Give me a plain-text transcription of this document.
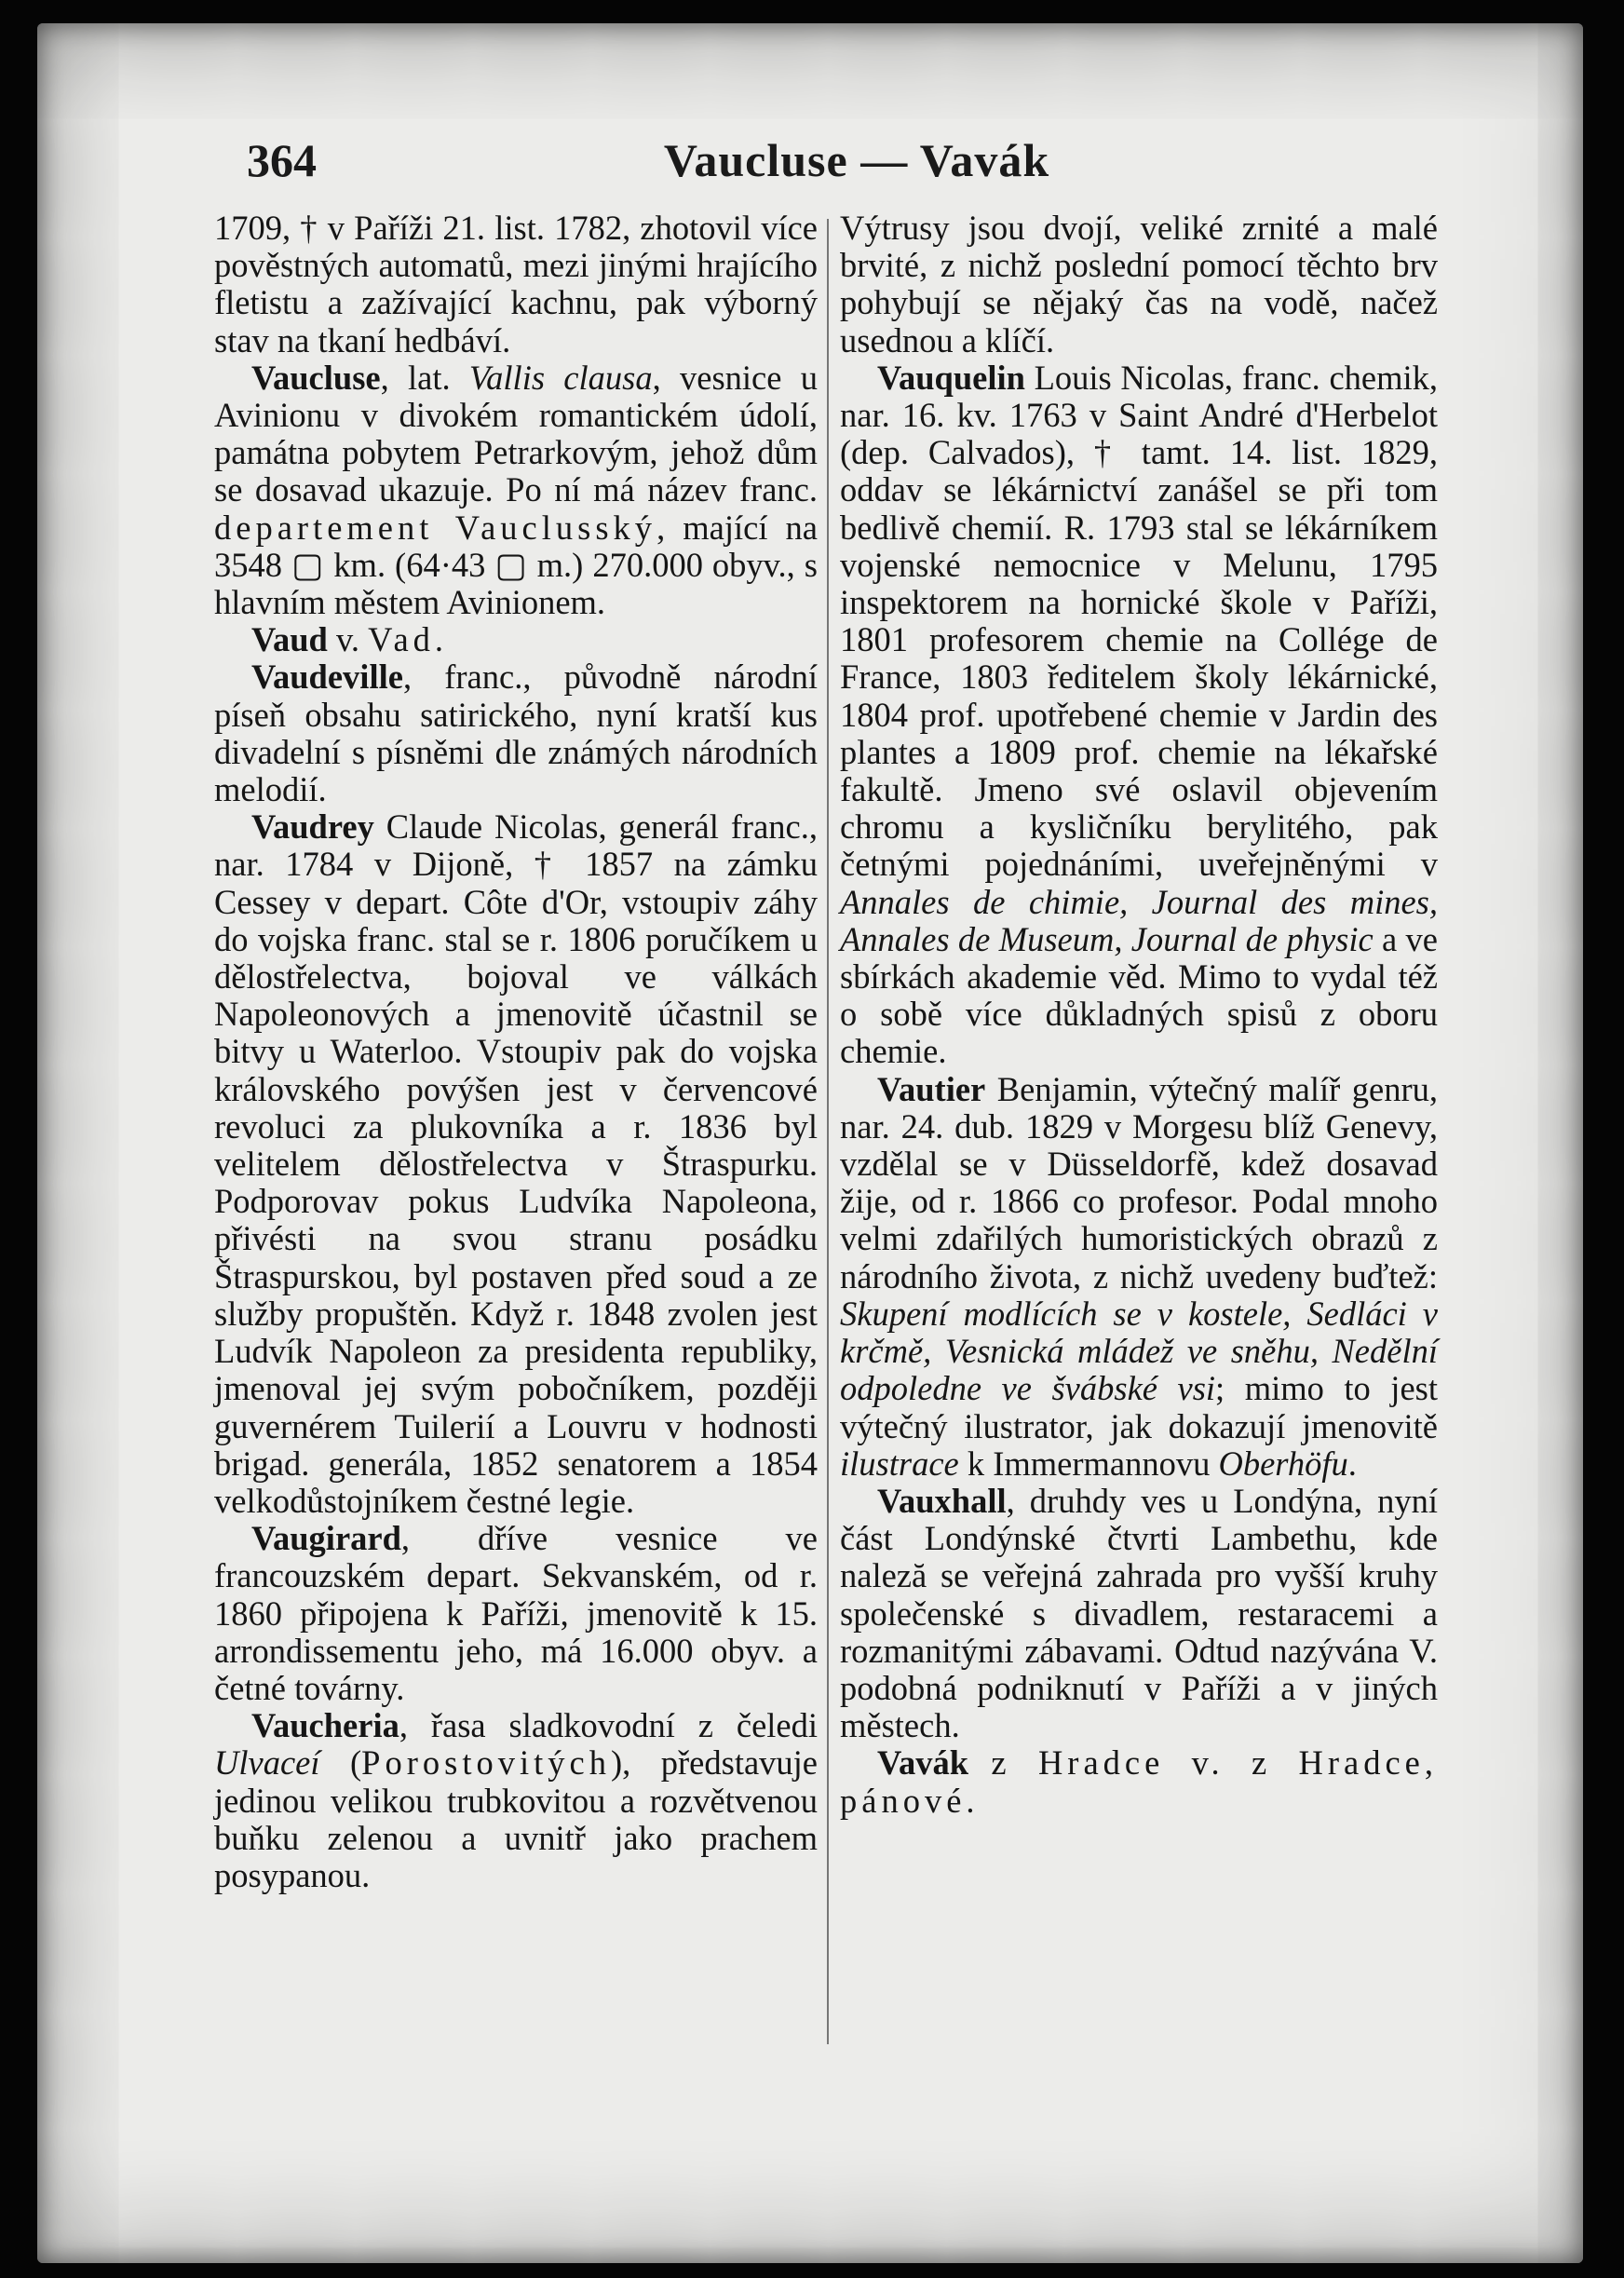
364	Vaucluse — Vavák

1709, † v Paříži 21. list. 1782, zhotovil více pověstných automatů, mezi jinými hrajícího fletistu a zažívající kachnu, pak výborný stav na tkaní hedbáví.

Vaucluse, lat. Vallis clausa, vesnice u Avinionu v divokém romantickém údolí, památna pobytem Petrarkovým, jehož dům se dosavad ukazuje. Po ní má název franc. departement Vauclusský, mající na 3548 ▢ km. (64·43 ▢ m.) 270.000 obyv., s hlavním městem Avinionem.

Vaud v. Vad.

Vaudeville, franc., původně národní píseň obsahu satirického, nyní kratší kus divadelní s písněmi dle známých národních melodií.

Vaudrey Claude Nicolas, generál franc., nar. 1784 v Dijoně, † 1857 na zámku Cessey v depart. Côte d'Or, vstoupiv záhy do vojska franc. stal se r. 1806 poručíkem u dělostřelectva, bojoval ve válkách Napoleonových a jmenovitě účastnil se bitvy u Waterloo. Vstoupiv pak do vojska královského povýšen jest v červencové revoluci za plukovníka a r. 1836 byl velitelem dělostřelectva v Štraspurku. Podporovav pokus Ludvíka Napoleona, přivésti na svou stranu posádku Štraspurskou, byl postaven před soud a ze služby propuštěn. Když r. 1848 zvolen jest Ludvík Napoleon za presidenta republiky, jmenoval jej svým pobočníkem, později guvernérem Tuilerií a Louvru v hodnosti brigad. generála, 1852 senatorem a 1854 velkodůstojníkem čestné legie.

Vaugirard, dříve vesnice ve francouzském depart. Sekvanském, od r. 1860 připojena k Paříži, jmenovitě k 15. arrondissementu jeho, má 16.000 obyv. a četné továrny.

Vaucheria, řasa sladkovodní z čeledi Ulvaceí (Porostovitých), představuje jedinou velikou trubkovitou a rozvětvenou buňku zelenou a uvnitř jako prachem posypanou.

Výtrusy jsou dvojí, veliké zrnité a malé brvité, z nichž poslední pomocí těchto brv pohybují se nějaký čas na vodě, načež usednou a klíčí.

Vauquelin Louis Nicolas, franc. chemik, nar. 16. kv. 1763 v Saint André d'Herbelot (dep. Calvados), † tamt. 14. list. 1829, oddav se lékárnictví zanášel se při tom bedlivě chemií. R. 1793 stal se lékárníkem vojenské nemocnice v Melunu, 1795 inspektorem na hornické škole v Paříži, 1801 profesorem chemie na Collége de France, 1803 ředitelem školy lékárnické, 1804 prof. upotřebené chemie v Jardin des plantes a 1809 prof. chemie na lékařské fakultě. Jmeno své oslavil objevením chromu a kysličníku berylitého, pak četnými pojednáními, uveřejněnými v Annales de chimie, Journal des mines, Annales de Museum, Journal de physic a ve sbírkách akademie věd. Mimo to vydal též o sobě více důkladných spisů z oboru chemie.

Vautier Benjamin, výtečný malíř genru, nar. 24. dub. 1829 v Morgesu blíž Genevy, vzdělal se v Düsseldorfě, kdež dosavad žije, od r. 1866 co profesor. Podal mnoho velmi zdařilých humoristických obrazů z národního života, z nichž uvedeny buďtež: Skupení modlících se v kostele, Sedláci v krčmě, Vesnická mládež ve sněhu, Nedělní odpoledne ve švábské vsi; mimo to jest výtečný ilustrator, jak dokazují jmenovitě ilustrace k Immermannovu Oberhöfu.

Vauxhall, druhdy ves u Londýna, nyní část Londýnské čtvrti Lambethu, kde naleză se veřejná zahrada pro vyšší kruhy společenské s divadlem, restaracemi a rozmanitými zábavami. Odtud nazývána V. podobná podniknutí v Paříži a v jiných městech.

Vavák z Hradce v. z Hradce, pánové.
